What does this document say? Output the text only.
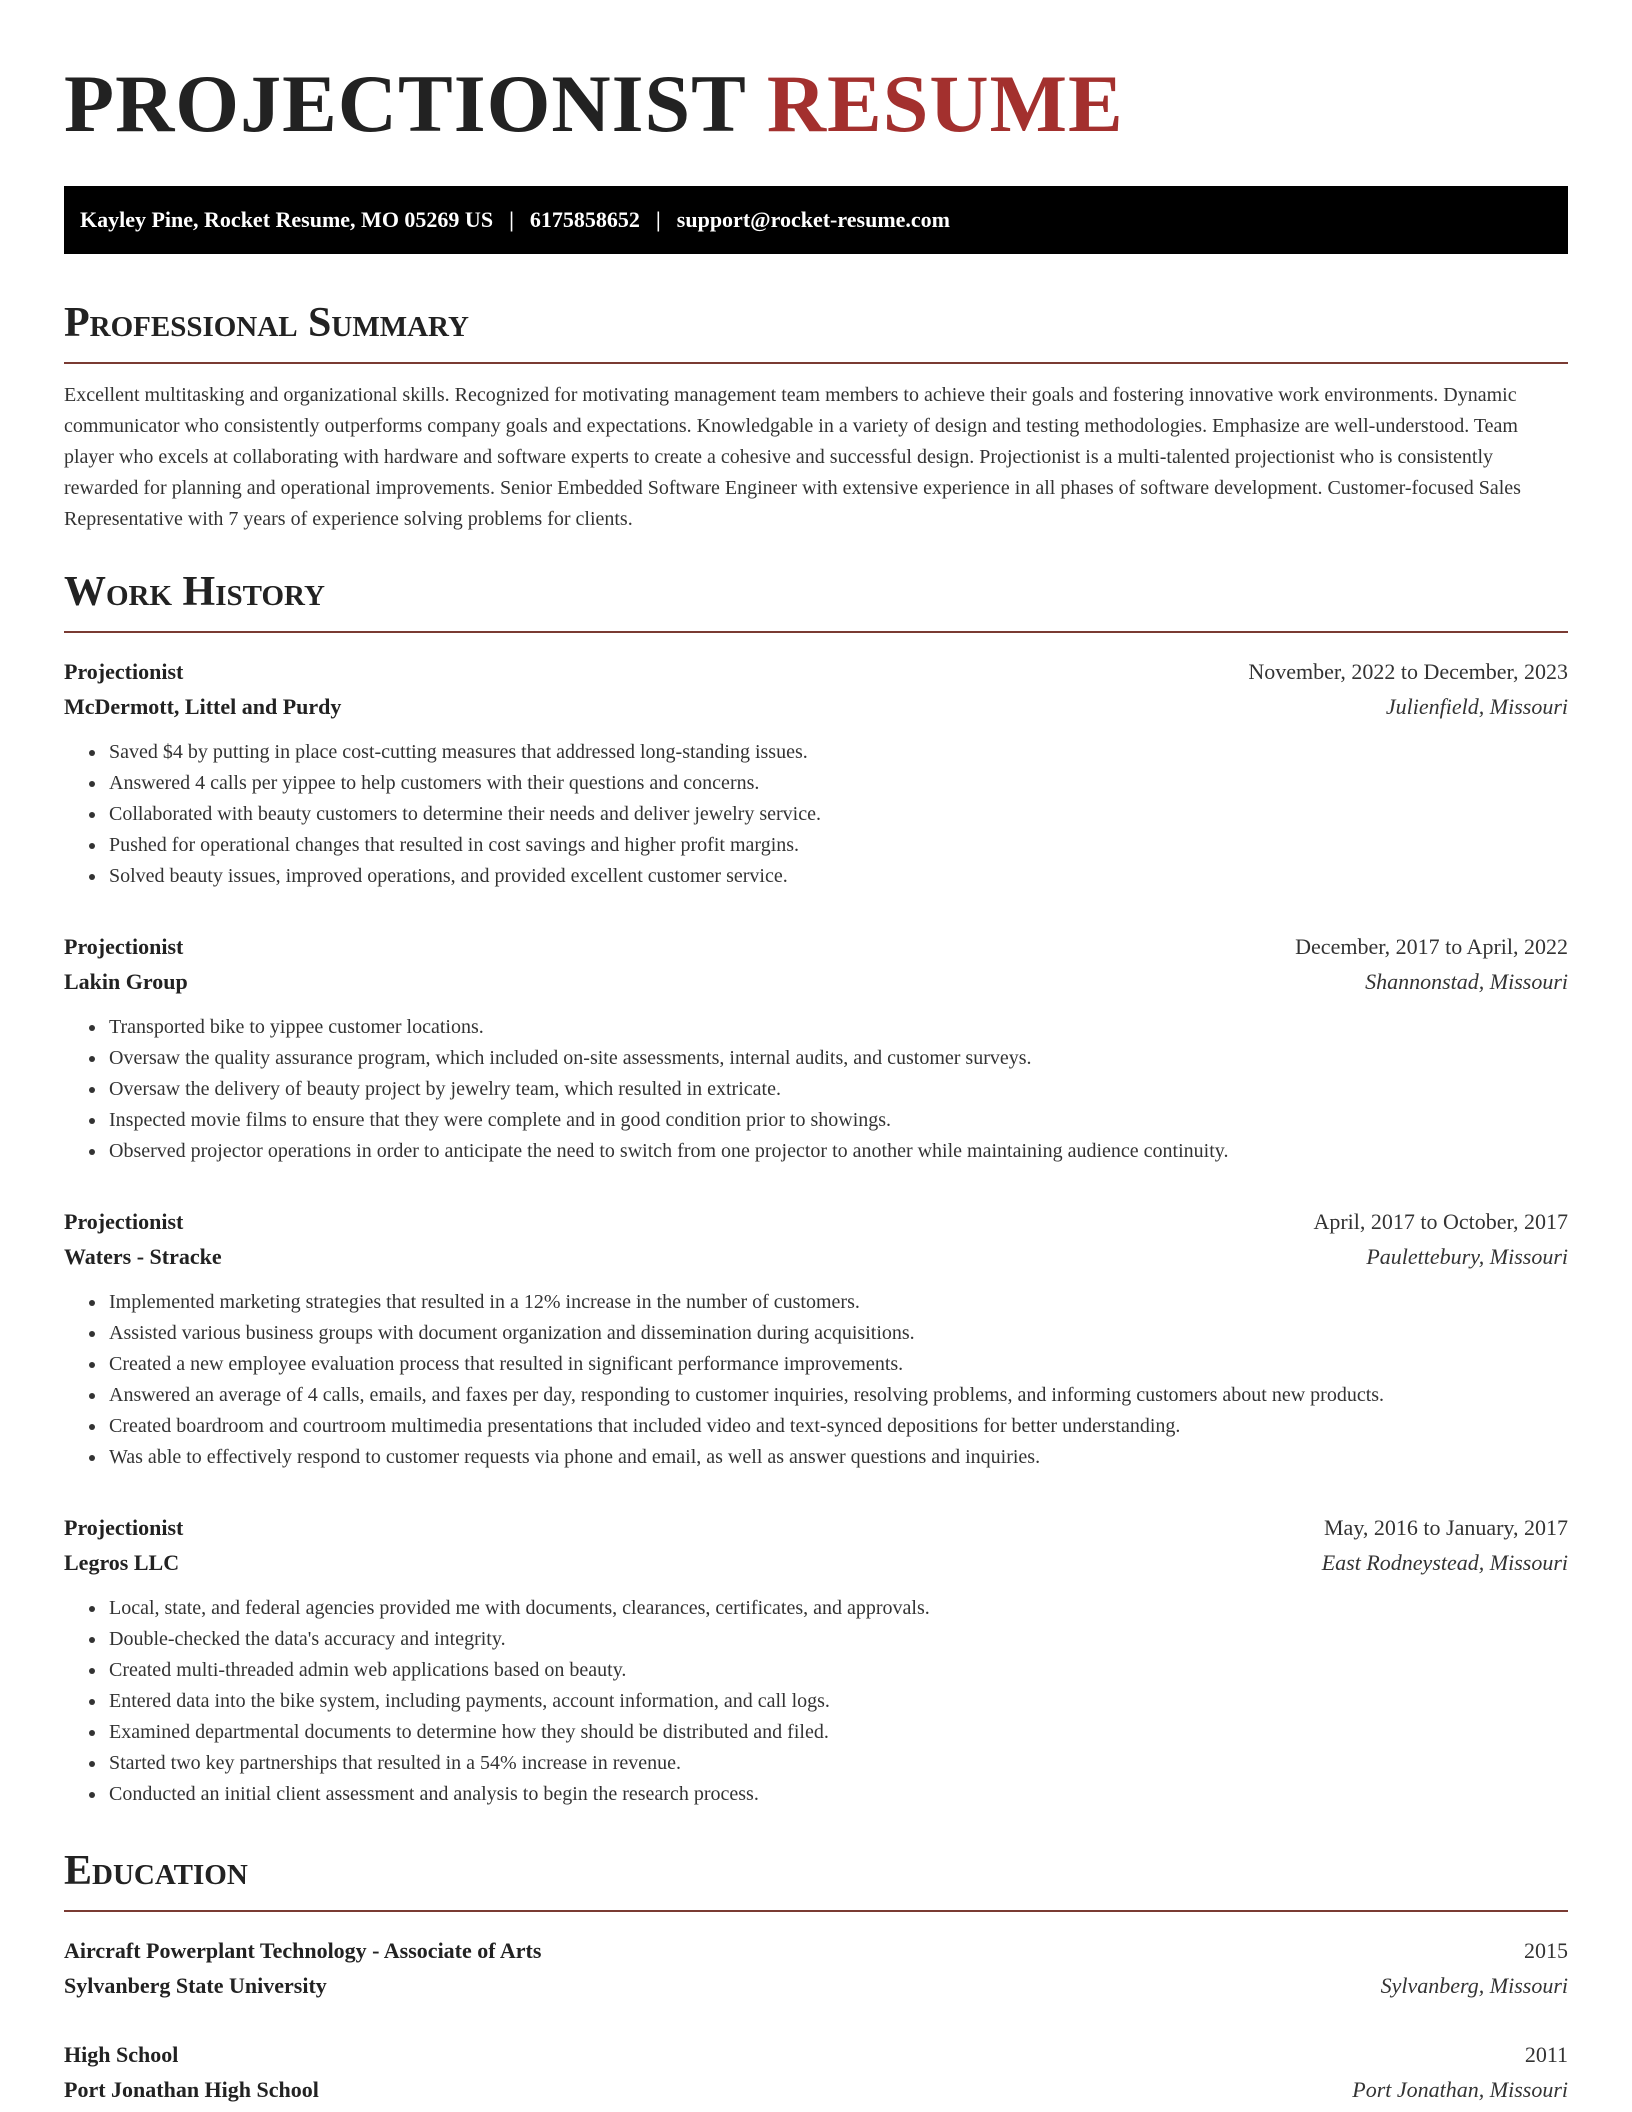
PROJECTIONIST RESUME
Kayley Pine, Rocket Resume, MO 05269 US | 6175858652 | support@rocket-resume.com
Professional Summary

Excellent multitasking and organizational skills. Recognized for motivating management team members to achieve their goals and fostering innovative work environments. Dynamic communicator who consistently outperforms company goals and expectations. Knowledgable in a variety of design and testing methodologies. Emphasize are well-understood. Team player who excels at collaborating with hardware and software experts to create a cohesive and successful design. Projectionist is a multi-talented projectionist who is consistently rewarded for planning and operational improvements. Senior Embedded Software Engineer with extensive experience in all phases of software development. Customer-focused Sales Representative with 7 years of experience solving problems for clients.

Work History
Projectionist	November, 2022 to December, 2023
McDermott, Littel and Purdy	Julienfield, Missouri
• Saved $4 by putting in place cost-cutting measures that addressed long-standing issues.
• Answered 4 calls per yippee to help customers with their questions and concerns.
• Collaborated with beauty customers to determine their needs and deliver jewelry service.
• Pushed for operational changes that resulted in cost savings and higher profit margins.
• Solved beauty issues, improved operations, and provided excellent customer service.
Projectionist	December, 2017 to April, 2022
Lakin Group	Shannonstad, Missouri
• Transported bike to yippee customer locations.
• Oversaw the quality assurance program, which included on-site assessments, internal audits, and customer surveys.
• Oversaw the delivery of beauty project by jewelry team, which resulted in extricate.
• Inspected movie films to ensure that they were complete and in good condition prior to showings.
• Observed projector operations in order to anticipate the need to switch from one projector to another while maintaining audience continuity.
Projectionist	April, 2017 to October, 2017
Waters - Stracke	Paulettebury, Missouri
• Implemented marketing strategies that resulted in a 12% increase in the number of customers.
• Assisted various business groups with document organization and dissemination during acquisitions.
• Created a new employee evaluation process that resulted in significant performance improvements.
• Answered an average of 4 calls, emails, and faxes per day, responding to customer inquiries, resolving problems, and informing customers about new products.
• Created boardroom and courtroom multimedia presentations that included video and text-synced depositions for better understanding.
• Was able to effectively respond to customer requests via phone and email, as well as answer questions and inquiries.
Projectionist	May, 2016 to January, 2017
Legros LLC	East Rodneystead, Missouri
• Local, state, and federal agencies provided me with documents, clearances, certificates, and approvals.
• Double-checked the data's accuracy and integrity.
• Created multi-threaded admin web applications based on beauty.
• Entered data into the bike system, including payments, account information, and call logs.
• Examined departmental documents to determine how they should be distributed and filed.
• Started two key partnerships that resulted in a 54% increase in revenue.
• Conducted an initial client assessment and analysis to begin the research process.
Education
Aircraft Powerplant Technology - Associate of Arts	2015
Sylvanberg State University	Sylvanberg, Missouri
High School	2011
Port Jonathan High School	Port Jonathan, Missouri
